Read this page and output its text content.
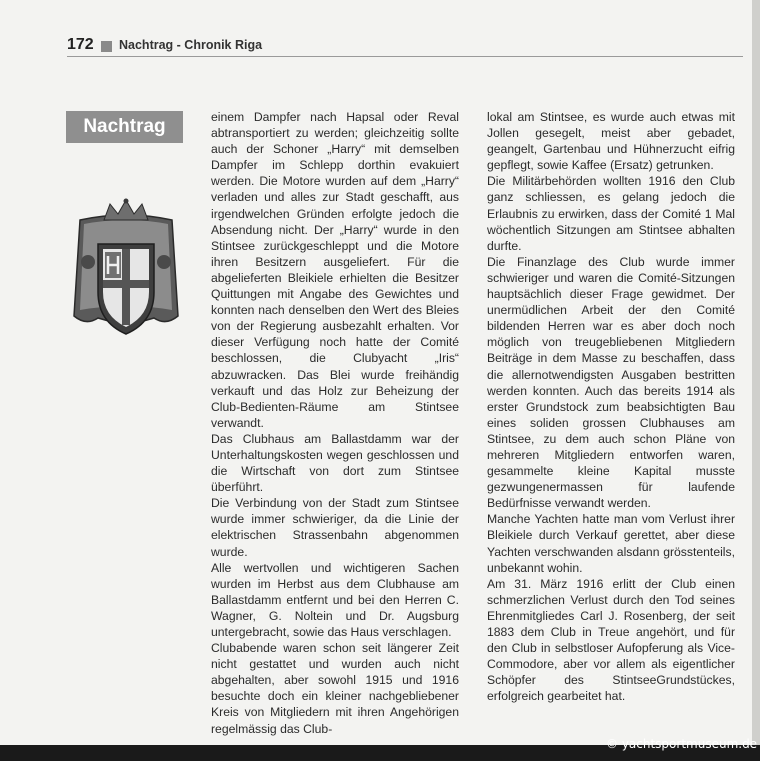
172 Nachtrag - Chronik Riga
Nachtrag	einem Dampfer nach Hapsal oder Reval abtransportiert zu werden; gleichzeitig sollte auch der Schoner „Harry“ mit demselben Dampfer im Schlepp dorthin evakuiert werden. Die Motore wurden auf dem „Harry“ verladen und alles zur Stadt geschafft, aus irgendwelchen Gründen erfolgte jedoch die Absendung nicht. Der „Harry“ wurde in den Stintsee zurückgeschleppt und die Motore ihren Besitzern ausgeliefert. Für die abgelieferten Bleikiele erhielten die Besitzer Quittungen mit Angabe des Gewichtes und konnten nach denselben den Wert des Bleies von der Regierung ausbezahlt erhalten. Vor dieser Verfügung noch hatte der Comité beschlossen, die Clubyacht „Iris“ abzuwracken. Das Blei wurde freihändig verkauft und das Holz zur Beheizung der Club-Bedienten-Räume am Stintsee verwandt.

Das Clubhaus am Ballastdamm war der Unterhaltungskosten wegen geschlossen und die Wirtschaft von dort zum Stintsee überführt.

Die Verbindung von der Stadt zum Stintsee wurde immer schwieriger, da die Linie der elektrischen Strassenbahn abgenommen wurde.

Alle wertvollen und wichtigeren Sachen wurden im Herbst aus dem Clubhause am Ballastdamm entfernt und bei den Herren C. Wagner, G. Noltein und Dr. Augsburg untergebracht, sowie das Haus verschlagen.

Clubabende waren schon seit längerer Zeit nicht gestattet und wurden auch nicht abgehalten, aber sowohl 1915 und 1916 besuchte doch ein kleiner nachgebliebener Kreis von Mitgliedern mit ihren Angehörigen regelmässig das Club-

lokal am Stintsee, es wurde auch etwas mit Jollen gesegelt, meist aber gebadet, geangelt, Gartenbau und Hühnerzucht eifrig gepflegt, sowie Kaffee (Ersatz) getrunken.

Die Militärbehörden wollten 1916 den Club ganz schliessen, es gelang jedoch die Erlaubnis zu erwirken, dass der Comité 1 Mal wöchentlich Sitzungen am Stintsee abhalten durfte.

Die Finanzlage des Club wurde immer schwieriger und waren die Comité-Sitzungen hauptsächlich dieser Frage gewidmet. Der unermüdlichen Arbeit der den Comité bildenden Herren war es aber doch noch möglich von treugebliebenen Mitgliedern Beiträge in dem Masse zu beschaffen, dass die allernotwendigsten Ausgaben bestritten werden konnten. Auch das bereits 1914 als erster Grundstock zum beabsichtigten Bau eines soliden grossen Clubhauses am Stintsee, zu dem auch schon Pläne von mehreren Mitgliedern entworfen waren, gesammelte kleine Kapital musste gezwungenermassen für laufende Bedürfnisse verwandt werden.

Manche Yachten hatte man vom Verlust ihrer Bleikiele durch Verkauf gerettet, aber diese Yachten verschwanden alsdann grösstenteils, unbekannt wohin.

Am 31. März 1916 erlitt der Club einen schmerzlichen Verlust durch den Tod seines Ehrenmitgliedes Carl J. Rosenberg, der seit 1883 dem Club in Treue angehört, und für den Club in selbstloser Aufopferung als Vice-Commodore, aber vor allem als eigentlicher Schöpfer des StintseeGrundstückes, erfolgreich gearbeitet hat.

© yachtsportmuseum.de
